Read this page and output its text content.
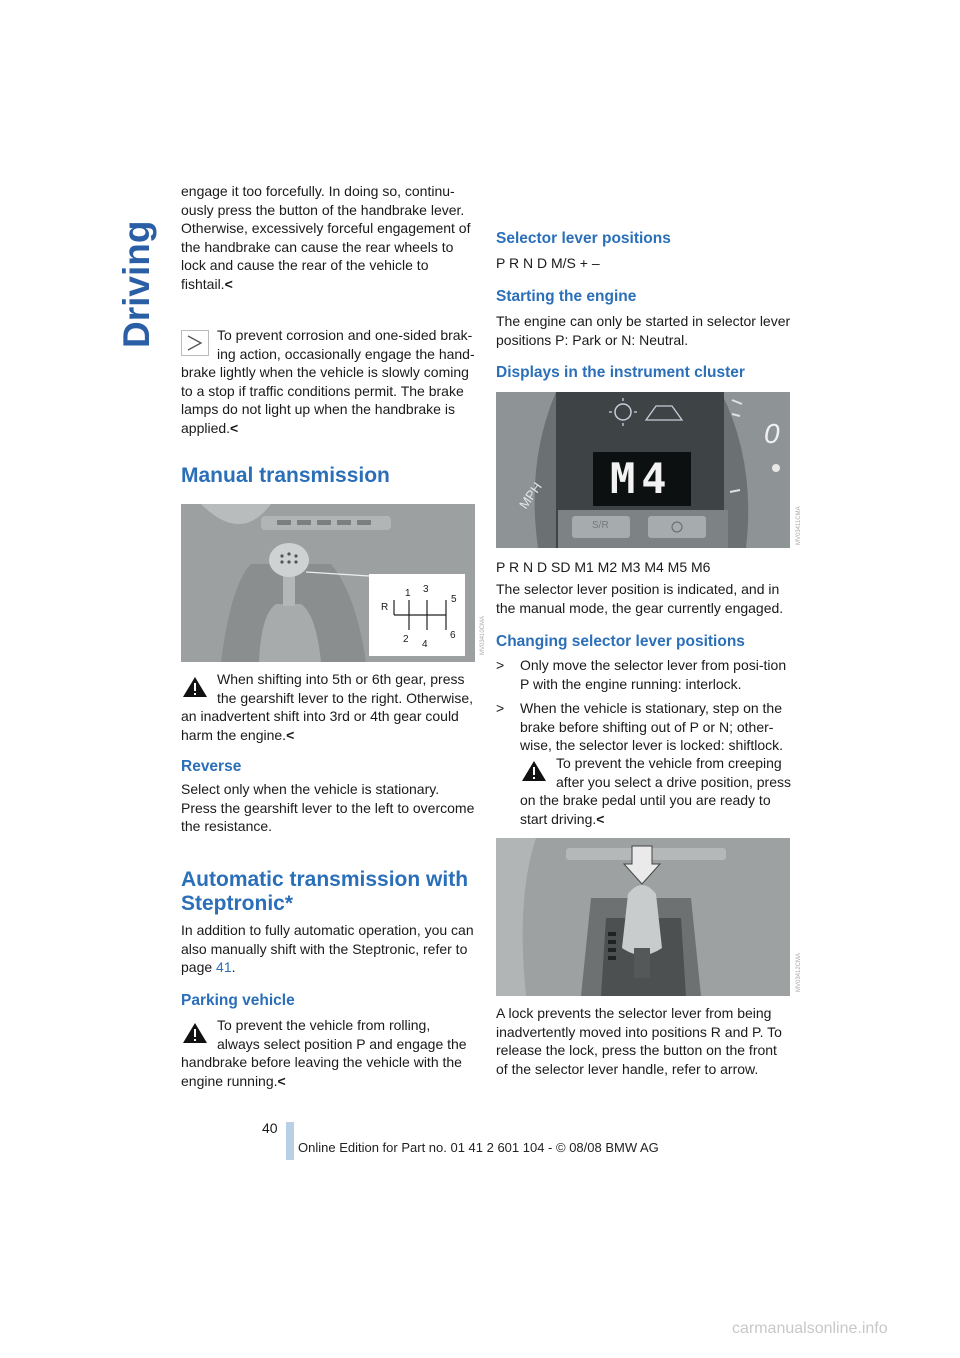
Driving

engage it too forcefully. In doing so, continu-ously press the button of the handbrake lever. Otherwise, excessively forceful engagement of the handbrake can cause the rear wheels to lock and cause the rear of the vehicle to fishtail.<

To prevent corrosion and one-sided brak-ing action, occasionally engage the hand-

brake lightly when the vehicle is slowly coming to a stop if traffic conditions permit. The brake lamps do not light up when the handbrake is applied.<

Manual transmission
3
1
5
R
2 4
6	MV03410CMA

When shifting into 5th or 6th gear, press the gearshift lever to the right. Otherwise,

an inadvertent shift into 3rd or 4th gear could harm the engine.<

Reverse

Select only when the vehicle is stationary. Press the gearshift lever to the left to overcome the resistance.

Automatic transmission with Steptronic*

In addition to fully automatic operation, you can also manually shift with the Steptronic, refer to page 41.

Parking vehicle

To prevent the vehicle from rolling, always select position P and engage the

handbrake before leaving the vehicle with the engine running.<

Selector lever positions

P R N D M/S + –

Starting the engine

The engine can only be started in selector lever positions P: Park or N: Neutral.

Displays in the instrument cluster
M4
MPH
0
S/R	MV03411CMA

P R N D SD M1 M2 M3 M4 M5 M6

The selector lever position is indicated, and in the manual mode, the gear currently engaged.

Changing selector lever positions

> Only move the selector lever from posi-tion P with the engine running: interlock.

> When the vehicle is stationary, step on the brake before shifting out of P or N; other-wise, the selector lever is locked: shiftlock.

To prevent the vehicle from creeping after you select a drive position, press

on the brake pedal until you are ready to start driving.<

MV03412CMA

A lock prevents the selector lever from being inadvertently moved into positions R and P. To release the lock, press the button on the front of the selector lever handle, refer to arrow.

40
Online Edition for Part no. 01 41 2 601 104 - © 08/08 BMW AG
carmanualsonline.info
